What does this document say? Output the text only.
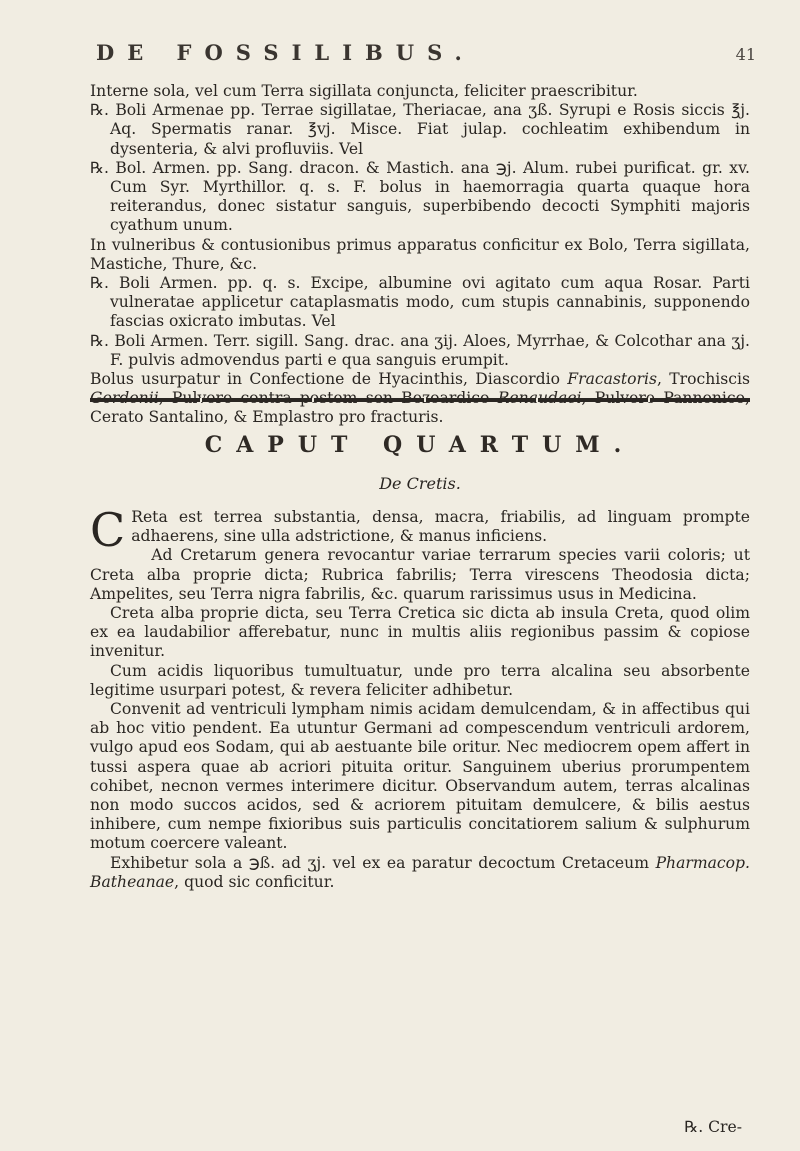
DE FOSSILIBUS.	41

Interne sola, vel cum Terra sigillata conjuncta, feliciter praescribitur.

℞. Boli Armenae pp. Terrae sigillatae, Theriacae, ana ʒß. Syrupi e Rosis siccis ℥j. Aq. Spermatis ranar. ℥vj. Misce. Fiat julap. cochleatim exhibendum in dysenteria, & alvi profluviis. Vel

℞. Bol. Armen. pp. Sang. dracon. & Mastich. ana ℈j. Alum. rubei purificat. gr. xv. Cum Syr. Myrthillor. q. s. F. bolus in haemorragia quarta quaque hora reiterandus, donec sistatur sanguis, superbibendo decocti Symphiti majoris cyathum unum.

In vulneribus & contusionibus primus apparatus conficitur ex Bolo, Terra sigillata, Mastiche, Thure, &c.

℞. Boli Armen. pp. q. s. Excipe, albumine ovi agitato cum aqua Rosar. Parti vulneratae applicetur cataplasmatis modo, cum stupis cannabinis, supponendo fascias oxicrato imbutas. Vel

℞. Boli Armen. Terr. sigill. Sang. drac. ana ʒij. Aloes, Myrrhae, & Colcothar ana ʒj. F. pulvis admovendus parti e qua sanguis erumpit.

Bolus usurpatur in Confectione de Hyacinthis, Diascordio Fracastoris, Trochiscis Cerato Santalino, & Emplastro pro fracturis.

CAPUT QUARTUM.
De Cretis.

C Reta est terrea substantia, densa, macra, friabilis, ad linguam prompte adhaerens, sine ulla adstrictione, & manus inficiens.

Ad Cretarum genera revocantur variae terrarum species varii coloris; ut Creta alba proprie dicta; Rubrica fabrilis; Terra virescens Theodosia dicta; Ampelites, seu Terra nigra fabrilis, &c. quarum rarissimus usus in Medicina.

Creta alba proprie dicta, seu Terra Cretica sic dicta ab insula Creta, quod olim ex ea laudabilior afferebatur, nunc in multis aliis regionibus passim & copiose invenitur.

Cum acidis liquoribus tumultuatur, unde pro terra alcalina seu absorbente legitime usurpari potest, & revera feliciter adhibetur.

Convenit ad ventriculi lympham nimis acidam demulcendam, & in affectibus qui ab hoc vitio pendent. Ea utuntur Germani ad compescendum ventriculi ardorem, vulgo apud eos Sodam, qui ab aestuante bile oritur. Nec mediocrem opem affert in tussi aspera quae ab acriori pituita oritur. Sanguinem uberius prorumpentem cohibet, necnon vermes interimere dicitur. Observandum autem, terras alcalinas non modo succos acidos, sed & acriorem pituitam demulcere, & bilis aestus inhibere, cum nempe fixioribus suis particulis concitatiorem salium & sulphurum motum coercere valeant.

Exhibetur sola a ℈ß. ad ʒj. vel ex ea paratur decoctum Cretaceum Pharmacop. Batheanae, quod sic conficitur.

℞. Cre-
